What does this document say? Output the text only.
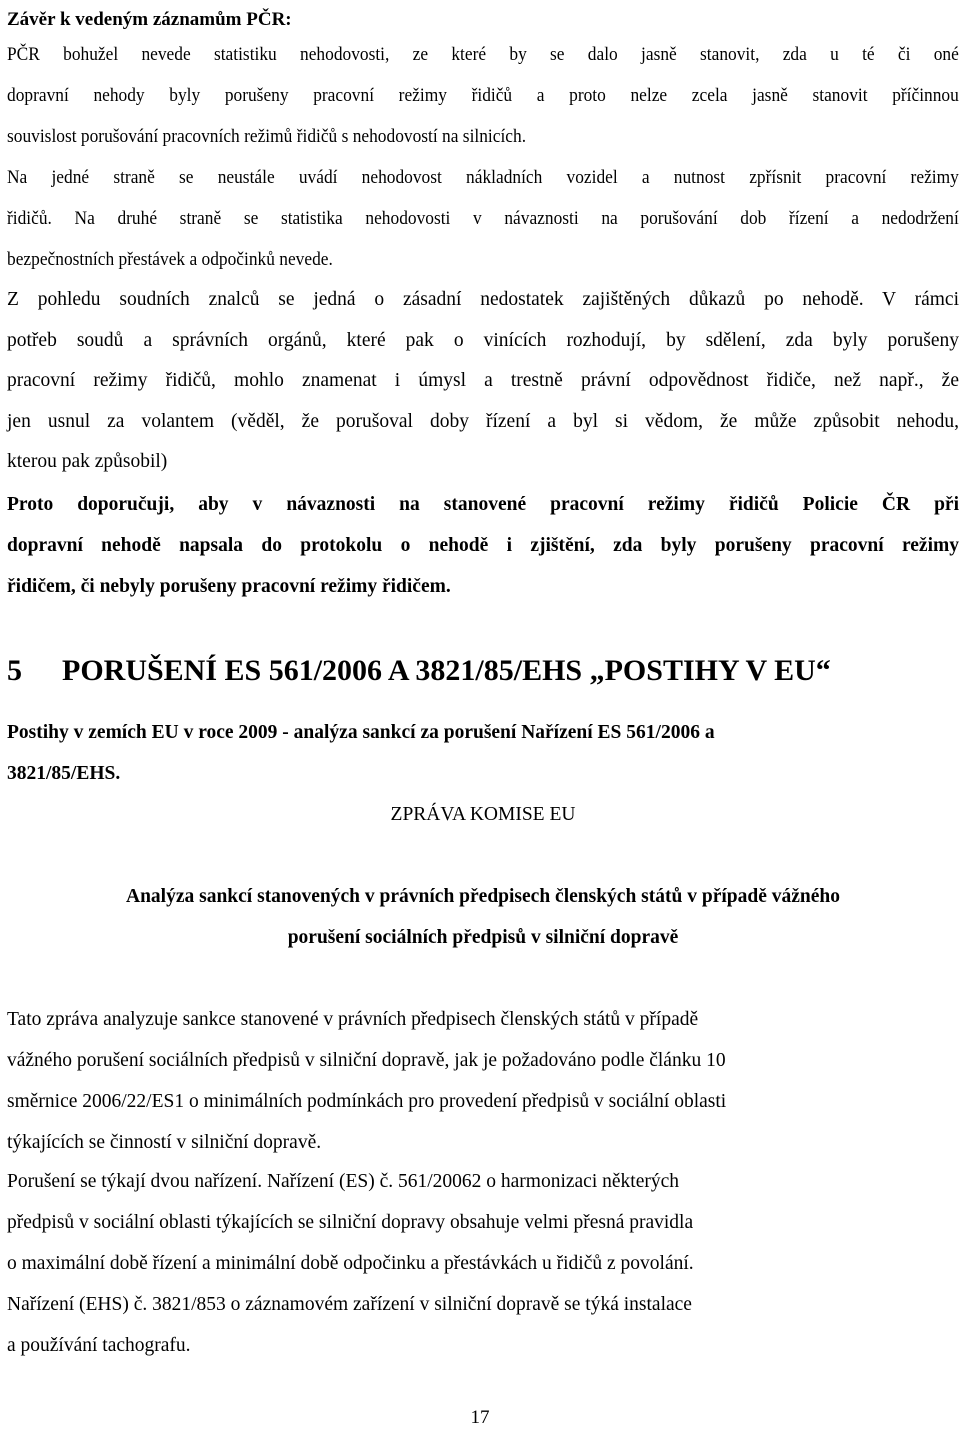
Závěr k vedeným záznamům PČR:
PČR bohužel nevede statistiku nehodovosti, ze které by se dalo jasně stanovit, zda u té či oné
dopravní nehody byly porušeny pracovní režimy řidičů a proto nelze zcela jasně stanovit příčinnou
souvislost porušování pracovních režimů řidičů s nehodovostí na silnicích.
Na jedné straně se neustále uvádí nehodovost nákladních vozidel a nutnost zpřísnit pracovní režimy
řidičů. Na druhé straně se statistika nehodovosti v návaznosti na porušování dob řízení a nedodržení
bezpečnostních přestávek a odpočinků nevede.
Z pohledu soudních znalců se jedná o zásadní nedostatek zajištěných důkazů po nehodě. V rámci
potřeb soudů a správních orgánů, které pak o vinících rozhodují, by sdělení, zda byly porušeny
pracovní režimy řidičů, mohlo znamenat i úmysl a trestně právní odpovědnost řidiče, než např., že
jen usnul za volantem (věděl, že porušoval doby řízení a byl si vědom, že může způsobit nehodu,
kterou pak způsobil)
Proto doporučuji, aby v návaznosti na stanovené pracovní režimy řidičů Policie ČR při
dopravní nehodě napsala do protokolu o nehodě i zjištění, zda byly porušeny pracovní režimy
řidičem, či nebyly porušeny pracovní režimy řidičem.
5 PORUŠENÍ ES 561/2006 A 3821/85/EHS „POSTIHY V EU“
Postihy v zemích EU v roce 2009 - analýza sankcí za porušení Nařízení ES 561/2006 a
3821/85/EHS.
ZPRÁVA KOMISE EU
Analýza sankcí stanovených v právních předpisech členských států v případě vážného
porušení sociálních předpisů v silniční dopravě
Tato zpráva analyzuje sankce stanovené v právních předpisech členských států v případě
vážného porušení sociálních předpisů v silniční dopravě, jak je požadováno podle článku 10
směrnice 2006/22/ES1 o minimálních podmínkách pro provedení předpisů v sociální oblasti
týkajících se činností v silniční dopravě.
Porušení se týkají dvou nařízení. Nařízení (ES) č. 561/20062 o harmonizaci některých
předpisů v sociální oblasti týkajících se silniční dopravy obsahuje velmi přesná pravidla
o maximální době řízení a minimální době odpočinku a přestávkách u řidičů z povolání.
Nařízení (EHS) č. 3821/853 o záznamovém zařízení v silniční dopravě se týká instalace
a používání tachografu.
17
